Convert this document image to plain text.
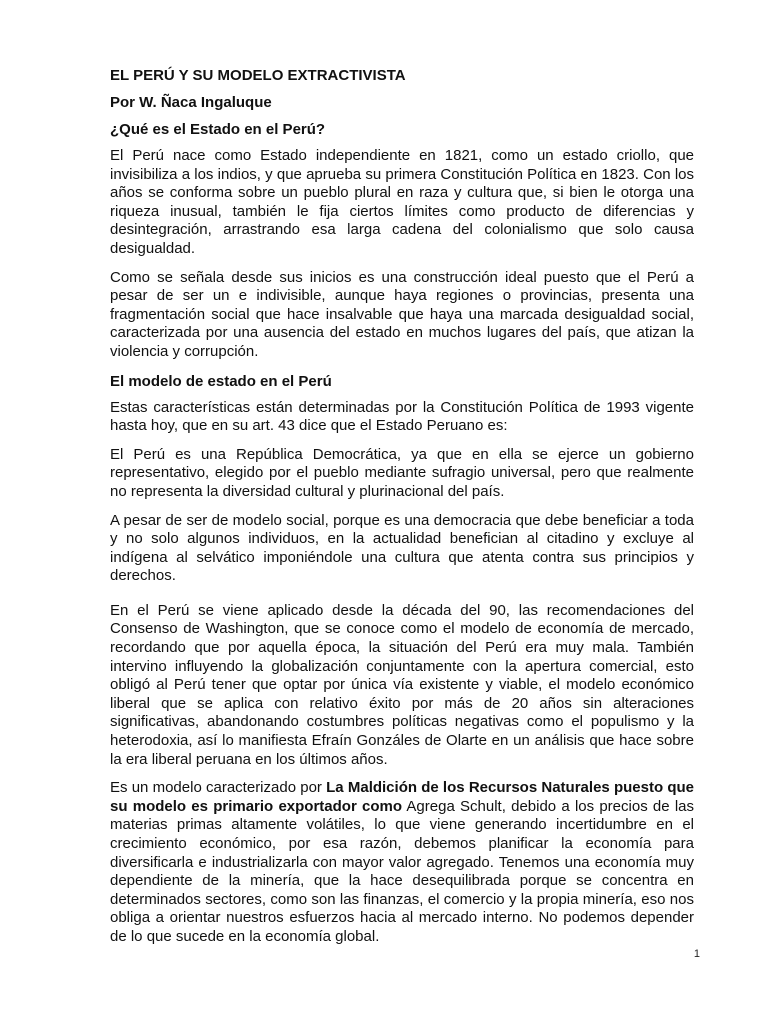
EL PERÚ Y SU MODELO EXTRACTIVISTA
Por W. Ñaca Ingaluque
¿Qué es el Estado en el Perú?

El Perú nace como Estado independiente en 1821, como un estado criollo, que invisibiliza a los indios, y que aprueba su primera Constitución Política en 1823. Con los años se conforma sobre un pueblo plural en raza y cultura que, si bien le otorga una riqueza inusual, también le fija ciertos límites como producto de diferencias y desintegración, arrastrando esa larga cadena del colonialismo que solo causa desigualdad.

Como se señala desde sus inicios es una construcción ideal puesto que el Perú a pesar de ser un e indivisible, aunque haya regiones o provincias, presenta una fragmentación social que hace insalvable que haya una marcada desigualdad social, caracterizada por una ausencia del estado en muchos lugares del país, que atizan la violencia y corrupción.

El modelo de estado en el Perú

Estas características están determinadas por la Constitución Política de 1993 vigente hasta hoy, que en su art. 43 dice que el Estado Peruano es:

El Perú es una República Democrática, ya que en ella se ejerce un gobierno representativo, elegido por el pueblo mediante sufragio universal, pero que realmente no representa la diversidad cultural y plurinacional del país.

A pesar de ser de modelo social, porque es una democracia que debe beneficiar a toda y no solo algunos individuos, en la actualidad benefician al citadino y excluye al indígena al selvático imponiéndole una cultura que atenta contra sus principios y derechos.

En el Perú se viene aplicado desde la década del 90, las recomendaciones del Consenso de Washington, que se conoce como el modelo de economía de mercado, recordando que por aquella época, la situación del Perú era muy mala. También intervino influyendo la globalización conjuntamente con la apertura comercial, esto obligó al Perú tener que optar por única vía existente y viable, el modelo económico liberal que se aplica con relativo éxito por más de 20 años sin alteraciones significativas, abandonando costumbres políticas negativas como el populismo y la heterodoxia, así lo manifiesta Efraín Gonzáles de Olarte en un análisis que hace sobre la era liberal peruana en los últimos años.

Es un modelo caracterizado por La Maldición de los Recursos Naturales puesto que su modelo es primario exportador como Agrega Schult, debido a los precios de las materias primas altamente volátiles, lo que viene generando incertidumbre en el crecimiento económico, por esa razón, debemos planificar la economía para diversificarla e industrializarla con mayor valor agregado. Tenemos una economía muy dependiente de la minería, que la hace desequilibrada porque se concentra en determinados sectores, como son las finanzas, el comercio y la propia minería, eso nos obliga a orientar nuestros esfuerzos hacia al mercado interno. No podemos depender de lo que sucede en la economía global.

1
